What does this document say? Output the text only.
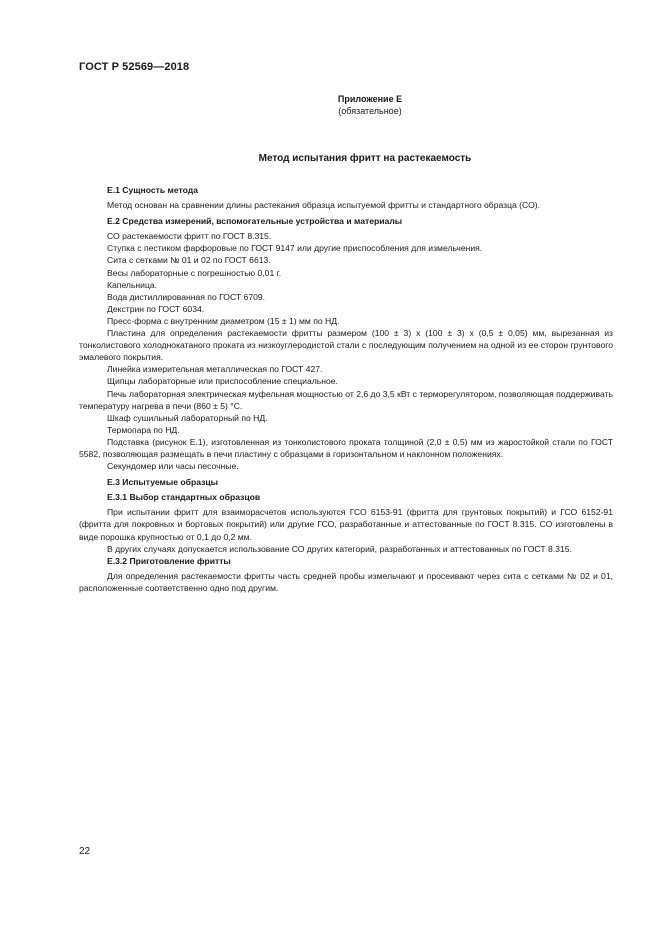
ГОСТ Р 52569—2018
Приложение Е
(обязательное)
Метод испытания фритт на растекаемость

Е.1 Сущность метода

Метод основан на сравнении длины растекания образца испытуемой фритты и стандартного образца (СО).

Е.2 Средства измерений, вспомогательные устройства и материалы

СО растекаемости фритт по ГОСТ 8.315.

Ступка с пестиком фарфоровые по ГОСТ 9147 или другие приспособления для измельчения.

Сита с сетками № 01 и 02 по ГОСТ 6613.

Весы лабораторные с погрешностью 0,01 г.

Капельница.

Вода дистиллированная по ГОСТ 6709.

Декстрин по ГОСТ 6034.

Пресс-форма с внутренним диаметром (15 ± 1) мм по НД.

Пластина для определения растекаемости фритты размером (100 ± 3) х (100 ± 3) х (0,5 ± 0,05) мм, вырезанная из тонколистового холоднокатаного проката из низкоуглеродистой стали с последующим получением на одной из ее сторон грунтового эмалевого покрытия.

Линейка измерительная металлическая по ГОСТ 427.

Щипцы лабораторные или приспособление специальное.

Печь лабораторная электрическая муфельная мощностью от 2,6 до 3,5 кВт с терморегулятором, позволяющая поддерживать температуру нагрева в печи (860 ± 5) °С.

Шкаф сушильный лабораторный по НД.

Термопара по НД.

Подставка (рисунок Е.1), изготовленная из тонколистового проката толщиной (2,0 ± 0,5) мм из жаростойкой стали по ГОСТ 5582, позволяющая размещать в печи пластину с образцами в горизонтальном и наклонном положениях.

Секундомер или часы песочные.

Е.3 Испытуемые образцы

Е.3.1 Выбор стандартных образцов

При испытании фритт для взаиморасчетов используются ГСО 6153-91 (фритта для грунтовых покрытий) и ГСО 6152-91 (фритта для покровных и бортовых покрытий) или другие ГСО, разработанные и аттестованные по ГОСТ 8.315. СО изготовлены в виде порошка крупностью от 0,1 до 0,2 мм.

В других случаях допускается использование СО других категорий, разработанных и аттестованных по ГОСТ 8.315.

Е.3.2 Приготовление фритты

Для определения растекаемости фритты часть средней пробы измельчают и просеивают через сита с сетками № 02 и 01, расположенные соответственно одно под другим.

22
